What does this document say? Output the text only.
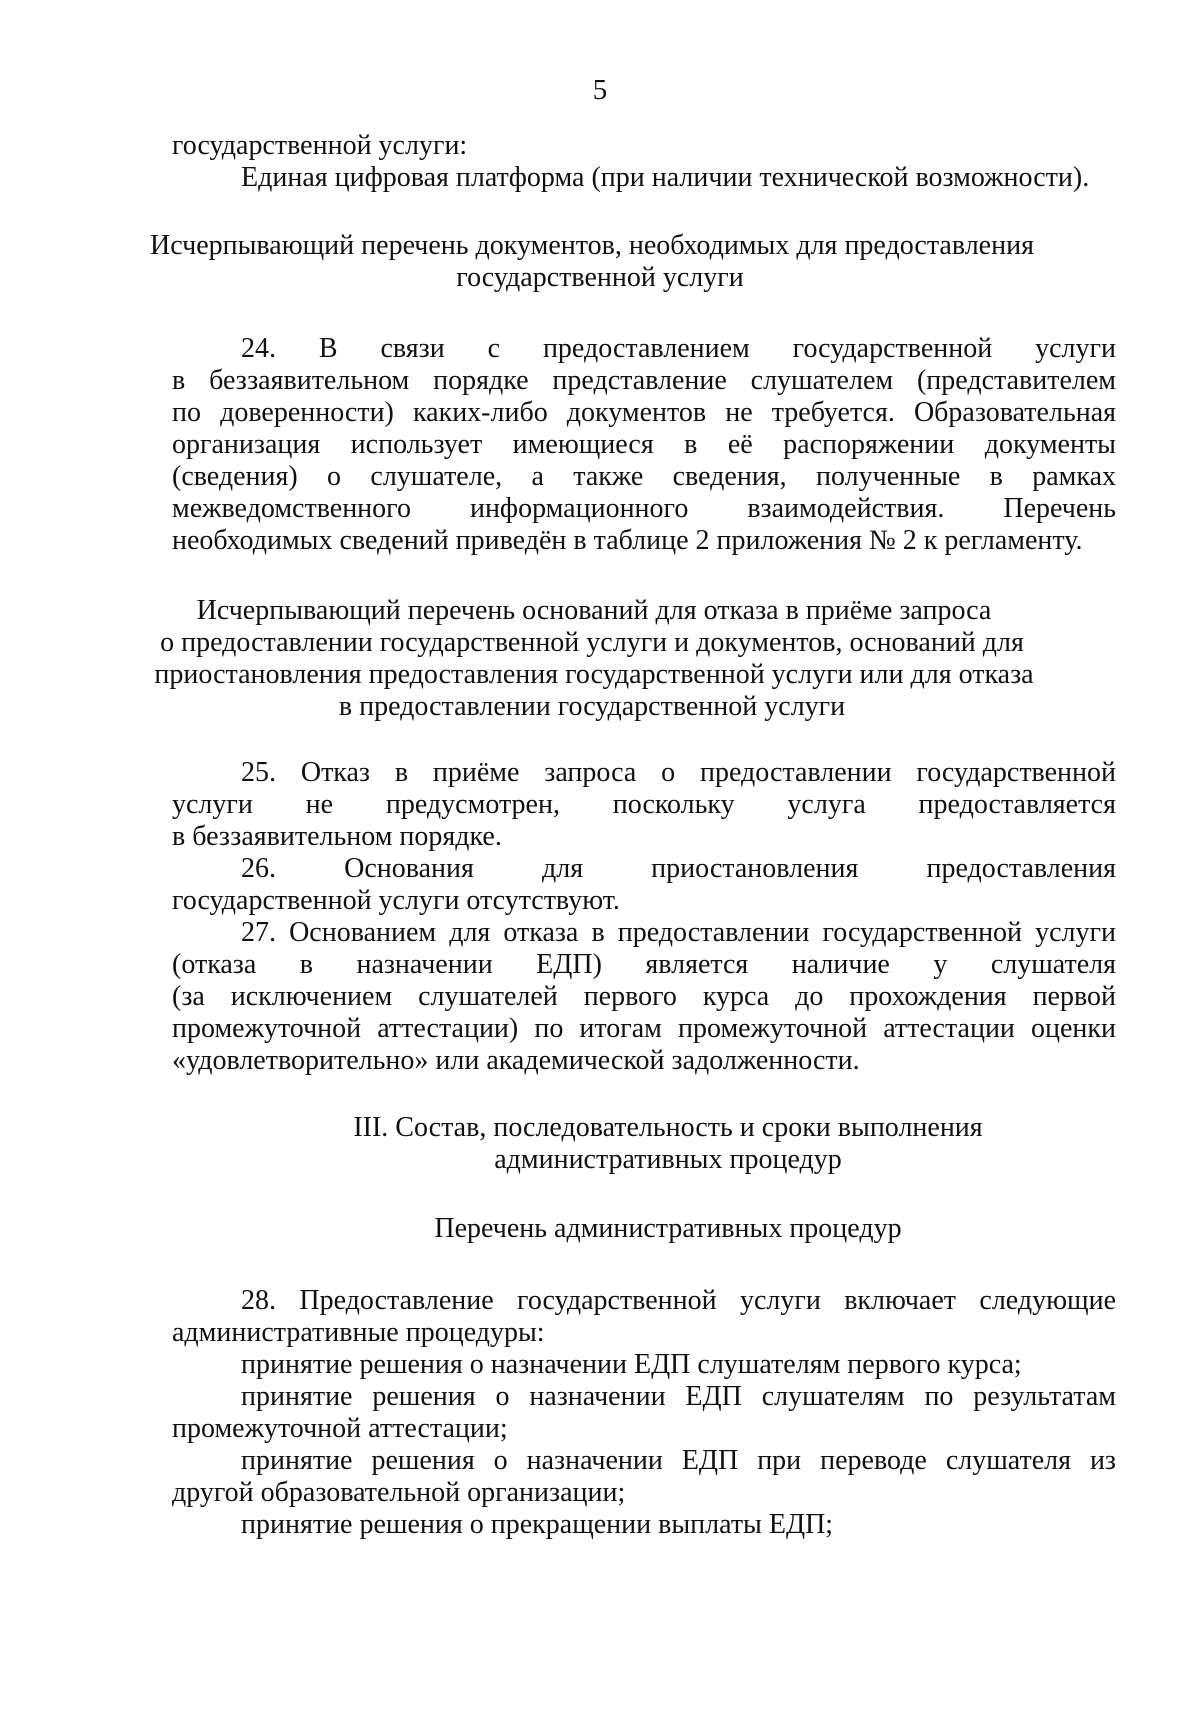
5
государственной услуги:
Единая цифровая платформа (при наличии технической возможности).
Исчерпывающий перечень документов, необходимых для предоставления
государственной услуги
24. В связи с предоставлением государственной услуги
в беззаявительном порядке представление слушателем (представителем
по доверенности) каких-либо документов не требуется. Образовательная
организация использует имеющиеся в её распоряжении документы
(сведения) о слушателе, а также сведения, полученные в рамках
межведомственного информационного взаимодействия. Перечень
необходимых сведений приведён в таблице 2 приложения № 2 к регламенту.
Исчерпывающий перечень оснований для отказа в приёме запроса
о предоставлении государственной услуги и документов, оснований для
приостановления предоставления государственной услуги или для отказа
в предоставлении государственной услуги
25. Отказ в приёме запроса о предоставлении государственной
услуги не предусмотрен, поскольку услуга предоставляется
в беззаявительном порядке.
26. Основания для приостановления предоставления
государственной услуги отсутствуют.
27. Основанием для отказа в предоставлении государственной услуги
(отказа в назначении ЕДП) является наличие у слушателя
(за исключением слушателей первого курса до прохождения первой
промежуточной аттестации) по итогам промежуточной аттестации оценки
«удовлетворительно» или академической задолженности.
III. Состав, последовательность и сроки выполнения
административных процедур
Перечень административных процедур
28. Предоставление государственной услуги включает следующие
административные процедуры:
принятие решения о назначении ЕДП слушателям первого курса;
принятие решения о назначении ЕДП слушателям по результатам
промежуточной аттестации;
принятие решения о назначении ЕДП при переводе слушателя из
другой образовательной организации;
принятие решения о прекращении выплаты ЕДП;
